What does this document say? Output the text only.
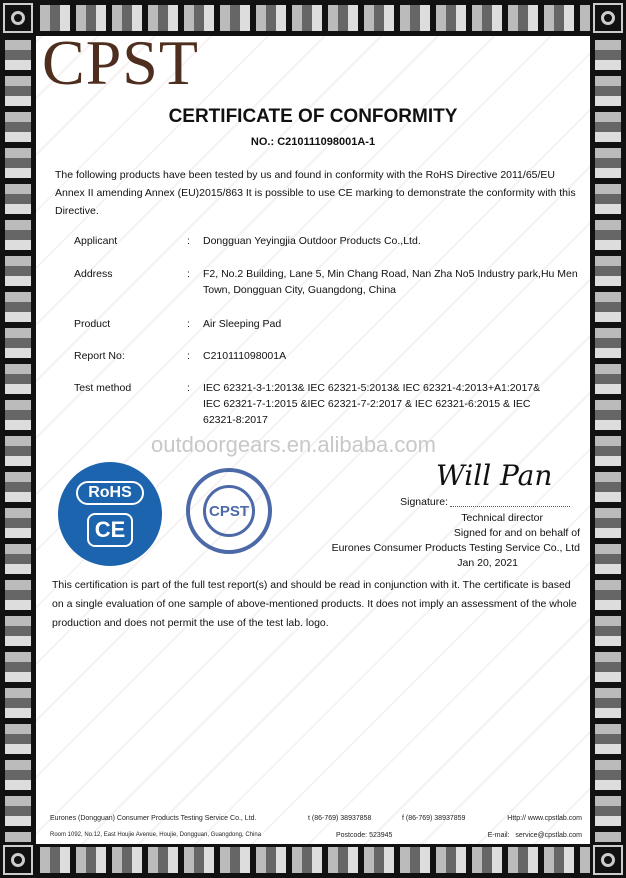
CPST
CERTIFICATE OF CONFORMITY
NO.: C210111098001A-1
The following products have been tested by us and found in conformity with the RoHS Directive 2011/65/EU Annex II amending Annex (EU)2015/863 It is possible to use CE marking to demonstrate the conformity with this Directive.
Applicant	:	Dongguan Yeyingjia Outdoor Products Co.,Ltd.
Address	:	F2, No.2 Building, Lane 5, Min Chang Road, Nan Zha No5 Industry park,Hu Men Town, Dongguan City, Guangdong, China
Product	:	Air Sleeping Pad
Report No:	:	C210111098001A
Test method	:	IEC 62321-3-1:2013& IEC 62321-5:2013& IEC 62321-4:2013+A1:2017& IEC 62321-7-1:2015 &IEC 62321-7-2:2017 & IEC 62321-6:2015 & IEC 62321-8:2017
outdoorgears.en.alibaba.com
RoHS
CE
CPST
Will Pan
Signature:
Technical director
Signed for and on behalf of
Eurones Consumer Products Testing Service Co., Ltd
Jan 20, 2021
This certification is part of the full test report(s) and should be read in conjunction with it. The certificate is based on a single evaluation of one sample of above-mentioned products. It does not imply an assessment of the whole production and does not permit the use of the test lab. logo.
Eurones (Dongguan) Consumer Products Testing Service Co., Ltd.	t (86-769) 38937858	f (86-769) 38937859	Http:// www.cpstlab.com
Room 1092, No.12, East Houjie Avenue, Houjie, Dongguan, Guangdong, China	Postcode: 523945	E-mail:   service@cpstlab.com
